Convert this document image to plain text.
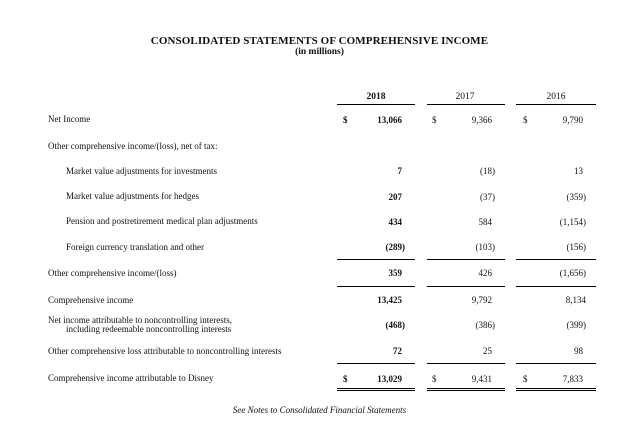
CONSOLIDATED STATEMENTS OF COMPREHENSIVE INCOME
(in millions)
2018	2017	2016
Net Income	$	13,066	$	9,366	$	9,790
Other comprehensive income/(loss), net of tax:
Market value adjustments for investments	7	(18)	13
Market value adjustments for hedges	207	(37)	(359)
Pension and postretirement medical plan adjustments	434	584	(1,154)
Foreign currency translation and other	(289)	(103)	(156)
Other comprehensive income/(loss)	359	426	(1,656)
Comprehensive income	13,425	9,792	8,134
Net income attributable to noncontrolling interests,
including redeemable noncontrolling interests	(468)	(386)	(399)
Other comprehensive loss attributable to noncontrolling interests	72	25	98
Comprehensive income attributable to Disney	$	13,029	$	9,431	$	7,833
See Notes to Consolidated Financial Statements
